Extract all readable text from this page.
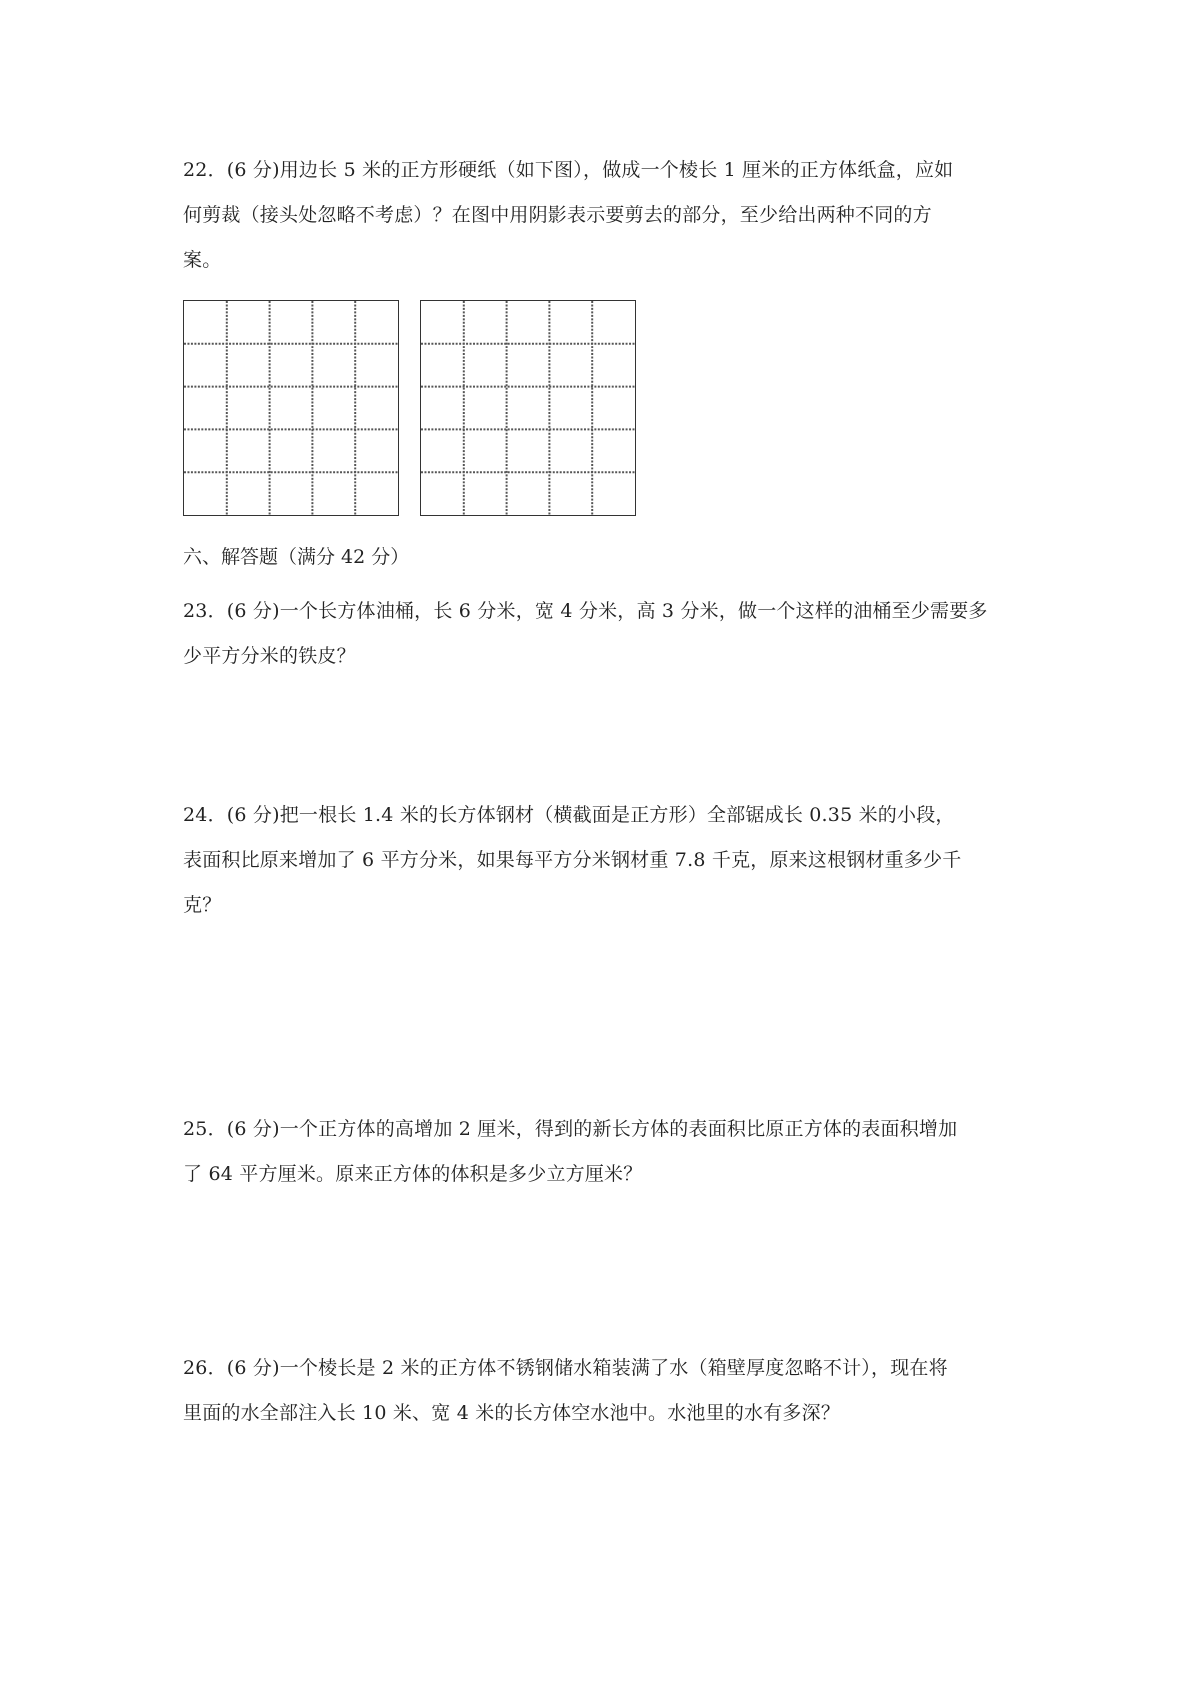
22．(6 分)用边长 5 米的正方形硬纸（如下图），做成一个棱长 1 厘米的正方体纸盒，应如

何剪裁（接头处忽略不考虑）？在图中用阴影表示要剪去的部分，至少给出两种不同的方

案。

六、解答题（满分 42 分）

23．(6 分)一个长方体油桶，长 6 分米，宽 4 分米，高 3 分米，做一个这样的油桶至少需要多

少平方分米的铁皮？

24．(6 分)把一根长 1.4 米的长方体钢材（横截面是正方形）全部锯成长 0.35 米的小段，

表面积比原来增加了 6 平方分米，如果每平方分米钢材重 7.8 千克，原来这根钢材重多少千

克？

25．(6 分)一个正方体的高增加 2 厘米，得到的新长方体的表面积比原正方体的表面积增加

了 64 平方厘米。原来正方体的体积是多少立方厘米？

26．(6 分)一个棱长是 2 米的正方体不锈钢储水箱装满了水（箱壁厚度忽略不计），现在将

里面的水全部注入长 10 米、宽 4 米的长方体空水池中。水池里的水有多深？
